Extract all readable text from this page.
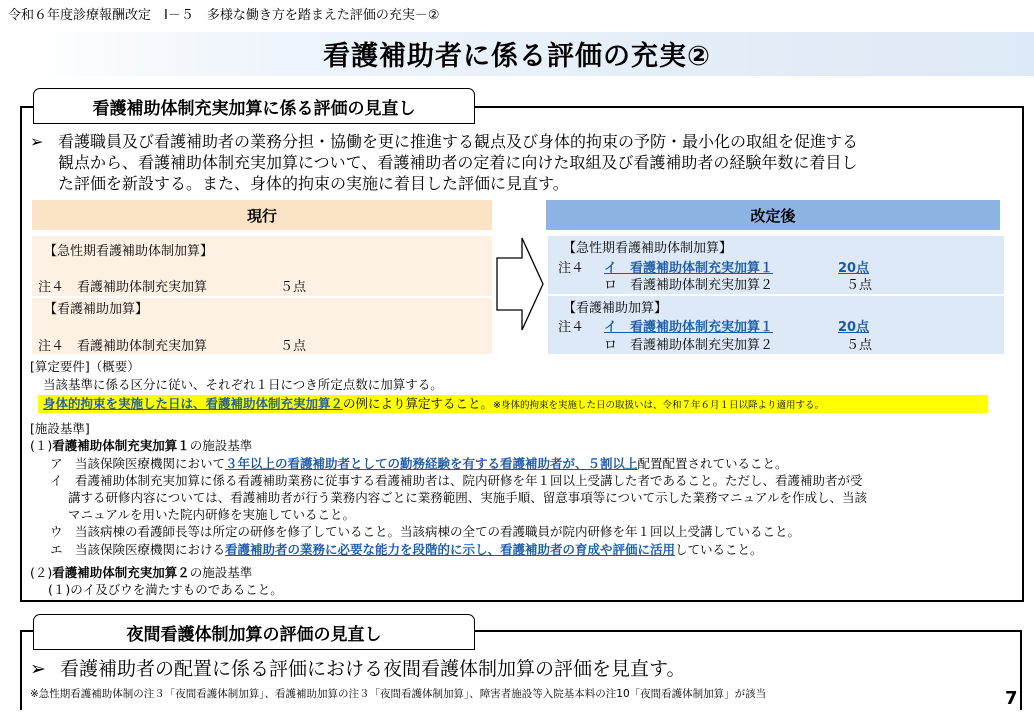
令和６年度診療報酬改定　Ⅰ－５　多様な働き方を踏まえた評価の充実－②
看護補助者に係る評価の充実②
看護補助体制充実加算に係る評価の見直し
➢ 看護職員及び看護補助者の業務分担・協働を更に推進する観点及び身体的拘束の予防・最小化の取組を促進する
観点から、看護補助体制充実加算について、看護補助者の定着に向けた取組及び看護補助者の経験年数に着目し
た評価を新設する。また、身体的拘束の実施に着目した評価に見直す。
現行
【急性期看護補助体制加算】
注４　看護補助体制充実加算	５点
【看護補助加算】
注４　看護補助体制充実加算	５点
改定後
【急性期看護補助体制加算】
注４ イ　看護補助体制充実加算１	20点
ロ　看護補助体制充実加算２	５点
【看護補助加算】
注４ イ　看護補助体制充実加算１	20点
ロ　看護補助体制充実加算２	５点
[算定要件]（概要）
当該基準に係る区分に従い、それぞれ１日につき所定点数に加算する。
身体的拘束を実施した日は、看護補助体制充実加算２の例により算定すること。※身体的拘束を実施した日の取扱いは、令和７年６月１日以降より適用する。
[施設基準]
(１)看護補助体制充実加算１の施設基準
ア　当該保険医療機関において３年以上の看護補助者としての勤務経験を有する看護補助者が、５割以上配置配置されていること。
イ　看護補助体制充実加算に係る看護補助業務に従事する看護補助者は、院内研修を年１回以上受講した者であること。ただし、看護補助者が受
講する研修内容については、看護補助者が行う業務内容ごとに業務範囲、実施手順、留意事項等について示した業務マニュアルを作成し、当該
マニュアルを用いた院内研修を実施していること。
ウ　当該病棟の看護師長等は所定の研修を修了していること。当該病棟の全ての看護職員が院内研修を年１回以上受講していること。
エ　当該保険医療機関における看護補助者の業務に必要な能力を段階的に示し、看護補助者の育成や評価に活用していること。
(２)看護補助体制充実加算２の施設基準
(１)のイ及びウを満たすものであること。
夜間看護体制加算の評価の見直し
➢ 看護補助者の配置に係る評価における夜間看護体制加算の評価を見直す。
※急性期看護補助体制の注３「夜間看護体制加算」、看護補助加算の注３「夜間看護体制加算」、障害者施設等入院基本料の注10「夜間看護体制加算」が該当	7
